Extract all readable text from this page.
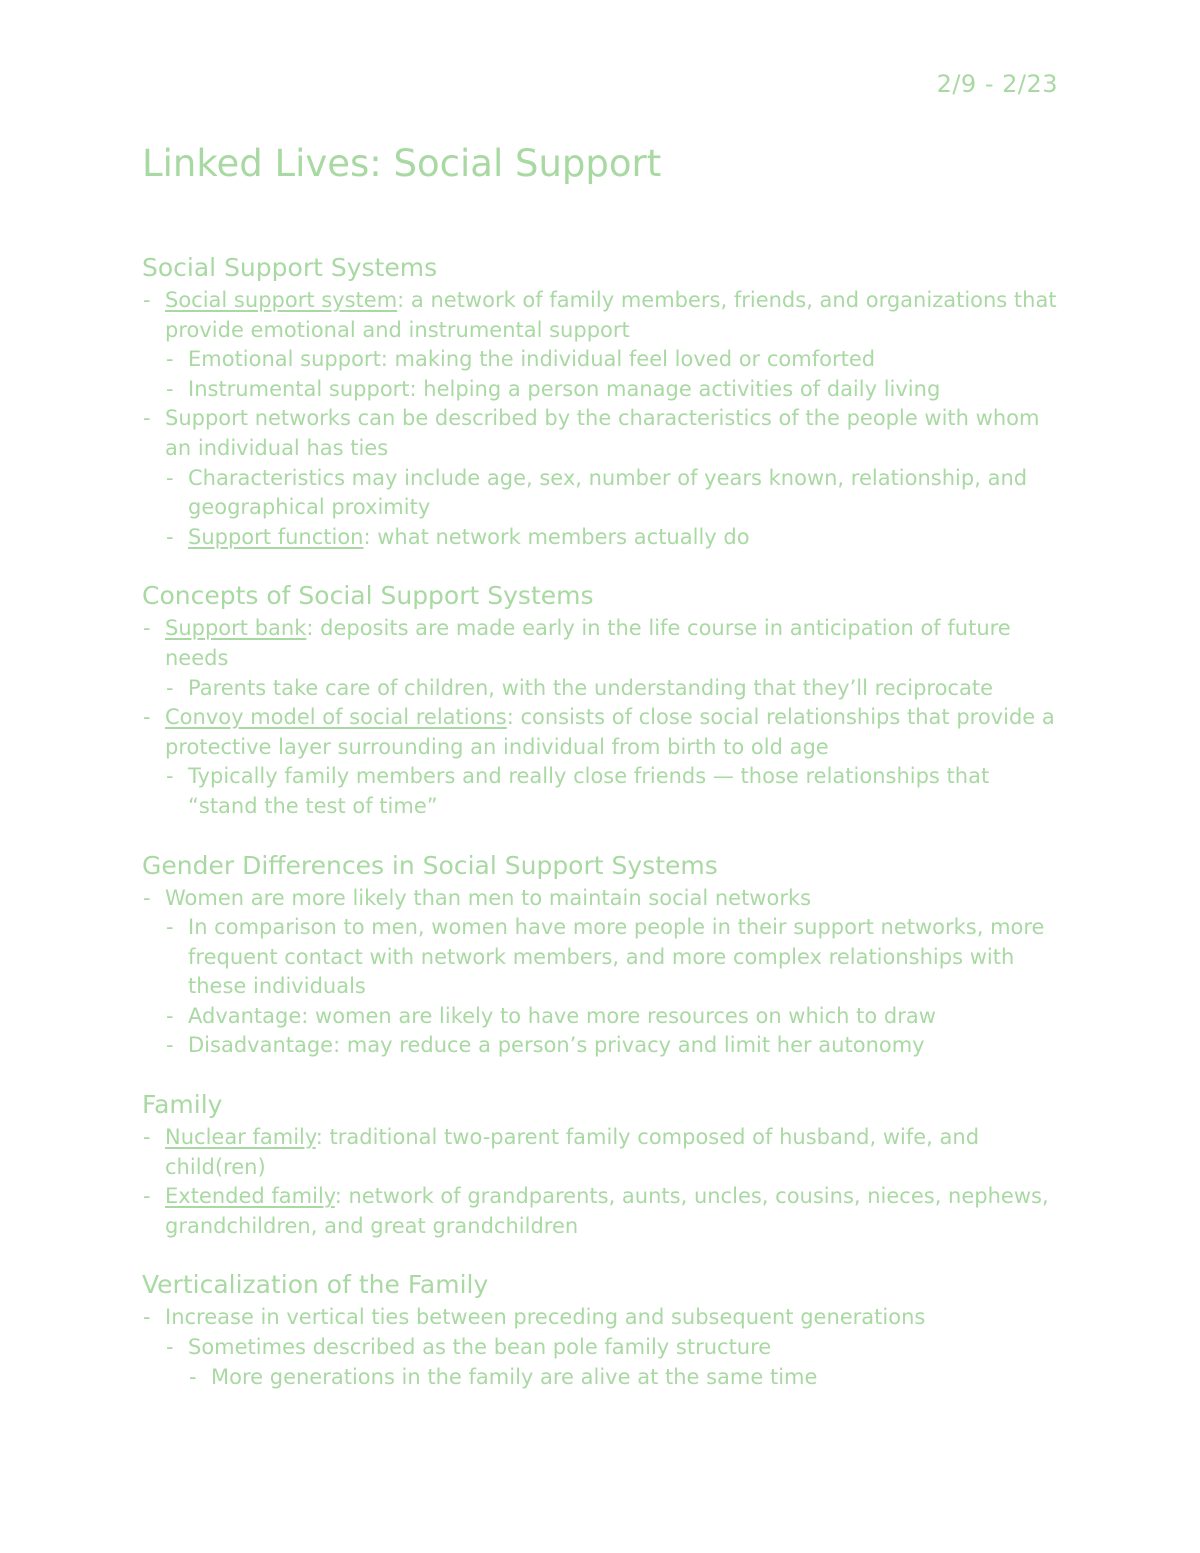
2/9 - 2/23
Linked Lives: Social Support
Social Support Systems
- Social support system: a network of family members, friends, and organizations that provide emotional and instrumental support
- Emotional support: making the individual feel loved or comforted
- Instrumental support: helping a person manage activities of daily living
- Support networks can be described by the characteristics of the people with whom an individual has ties
- Characteristics may include age, sex, number of years known, relationship, and geographical proximity
- Support function: what network members actually do
Concepts of Social Support Systems
- Support bank: deposits are made early in the life course in anticipation of future needs
- Parents take care of children, with the understanding that they’ll reciprocate
- Convoy model of social relations: consists of close social relationships that provide a protective layer surrounding an individual from birth to old age
- Typically family members and really close friends — those relationships that “stand the test of time”
Gender Differences in Social Support Systems
- Women are more likely than men to maintain social networks
- In comparison to men, women have more people in their support networks, more frequent contact with network members, and more complex relationships with these individuals
- Advantage: women are likely to have more resources on which to draw
- Disadvantage: may reduce a person’s privacy and limit her autonomy
Family
- Nuclear family: traditional two-parent family composed of husband, wife, and child(ren)
- Extended family: network of grandparents, aunts, uncles, cousins, nieces, nephews, grandchildren, and great grandchildren
Verticalization of the Family
- Increase in vertical ties between preceding and subsequent generations
- Sometimes described as the bean pole family structure
- More generations in the family are alive at the same time
